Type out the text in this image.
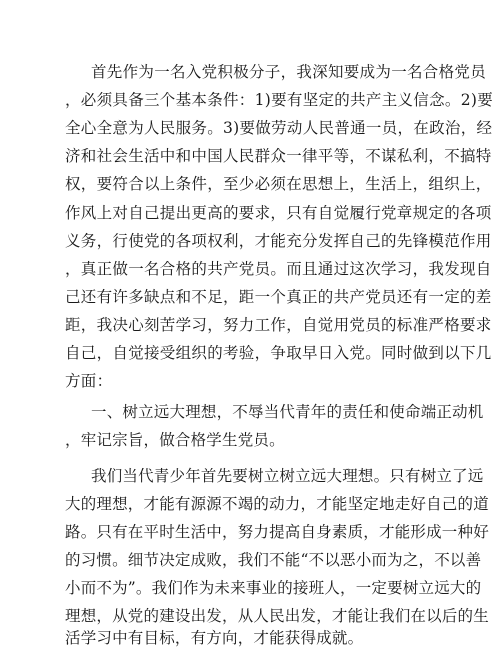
首先作为一名入党积极分子，我深知要成为一名合格党员
，必须具备三个基本条件：1)要有坚定的共产主义信念。2)要
全心全意为人民服务。3)要做劳动人民普通一员，在政治，经
济和社会生活中和中国人民群众一律平等，不谋私利，不搞特
权，要符合以上条件，至少必须在思想上，生活上，组织上，
作风上对自己提出更高的要求，只有自觉履行党章规定的各项
义务，行使党的各项权利，才能充分发挥自己的先锋模范作用
，真正做一名合格的共产党员。而且通过这次学习，我发现自
己还有许多缺点和不足，距一个真正的共产党员还有一定的差
距，我决心刻苦学习，努力工作，自觉用党员的标准严格要求
自己，自觉接受组织的考验，争取早日入党。同时做到以下几
方面：
一、树立远大理想，不辱当代青年的责任和使命端正动机
，牢记宗旨，做合格学生党员。
我们当代青少年首先要树立树立远大理想。只有树立了远
大的理想，才能有源源不竭的动力，才能坚定地走好自己的道
路。只有在平时生活中，努力提高自身素质，才能形成一种好
的习惯。细节决定成败，我们不能“不以恶小而为之，不以善
小而不为”。我们作为未来事业的接班人，一定要树立远大的
理想，从党的建设出发，从人民出发，才能让我们在以后的生
活学习中有目标，有方向，才能获得成就。
